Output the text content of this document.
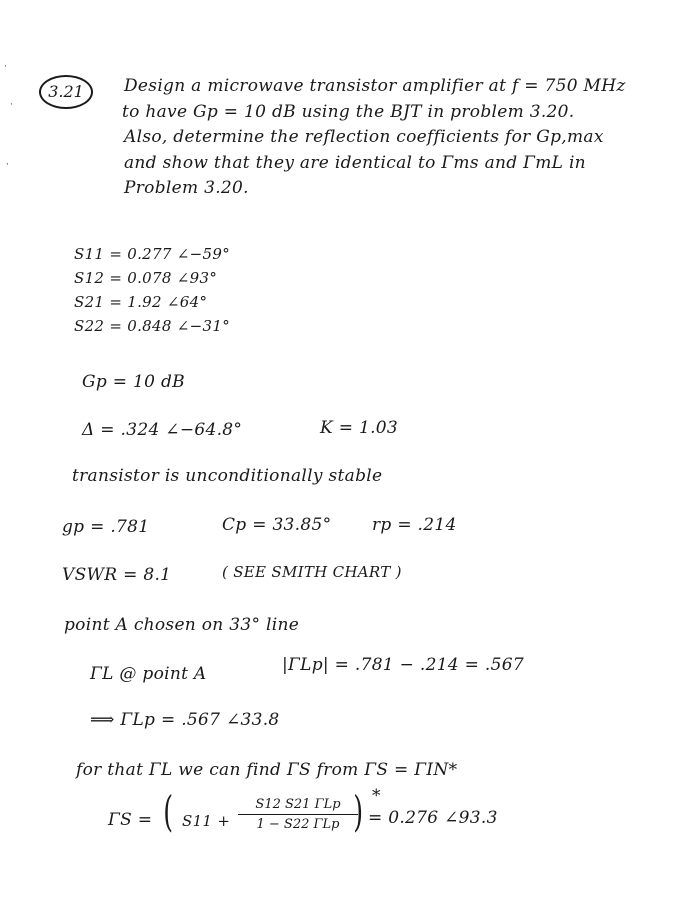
·
·
·
3.21	Design a microwave transistor amplifier at f = 750 MHz
to have Gp = 10 dB using the BJT in problem 3.20.
Also, determine the reflection coefficients for Gp,max
and show that they are identical to Γms and ΓmL in
Problem 3.20.
S11 = 0.277 ∠−59°
S12 = 0.078 ∠93°
S21 = 1.92 ∠64°
S22 = 0.848 ∠−31°
Gp = 10 dB
Δ = .324 ∠−64.8°	K = 1.03
transistor is unconditionally stable
gp = .781	Cp = 33.85° rp = .214
VSWR = 8.1	( SEE SMITH CHART )
point A chosen on 33° line
ΓL @ point A	|ΓLp| = .781 − .214 = .567
⟹ ΓLp = .567 ∠33.8
for that ΓL we can find ΓS from ΓS = ΓIN*
ΓS = ( S11 +
S12 S21 ΓLp
1 − S22 ΓLp ) *
= 0.276 ∠93.3
